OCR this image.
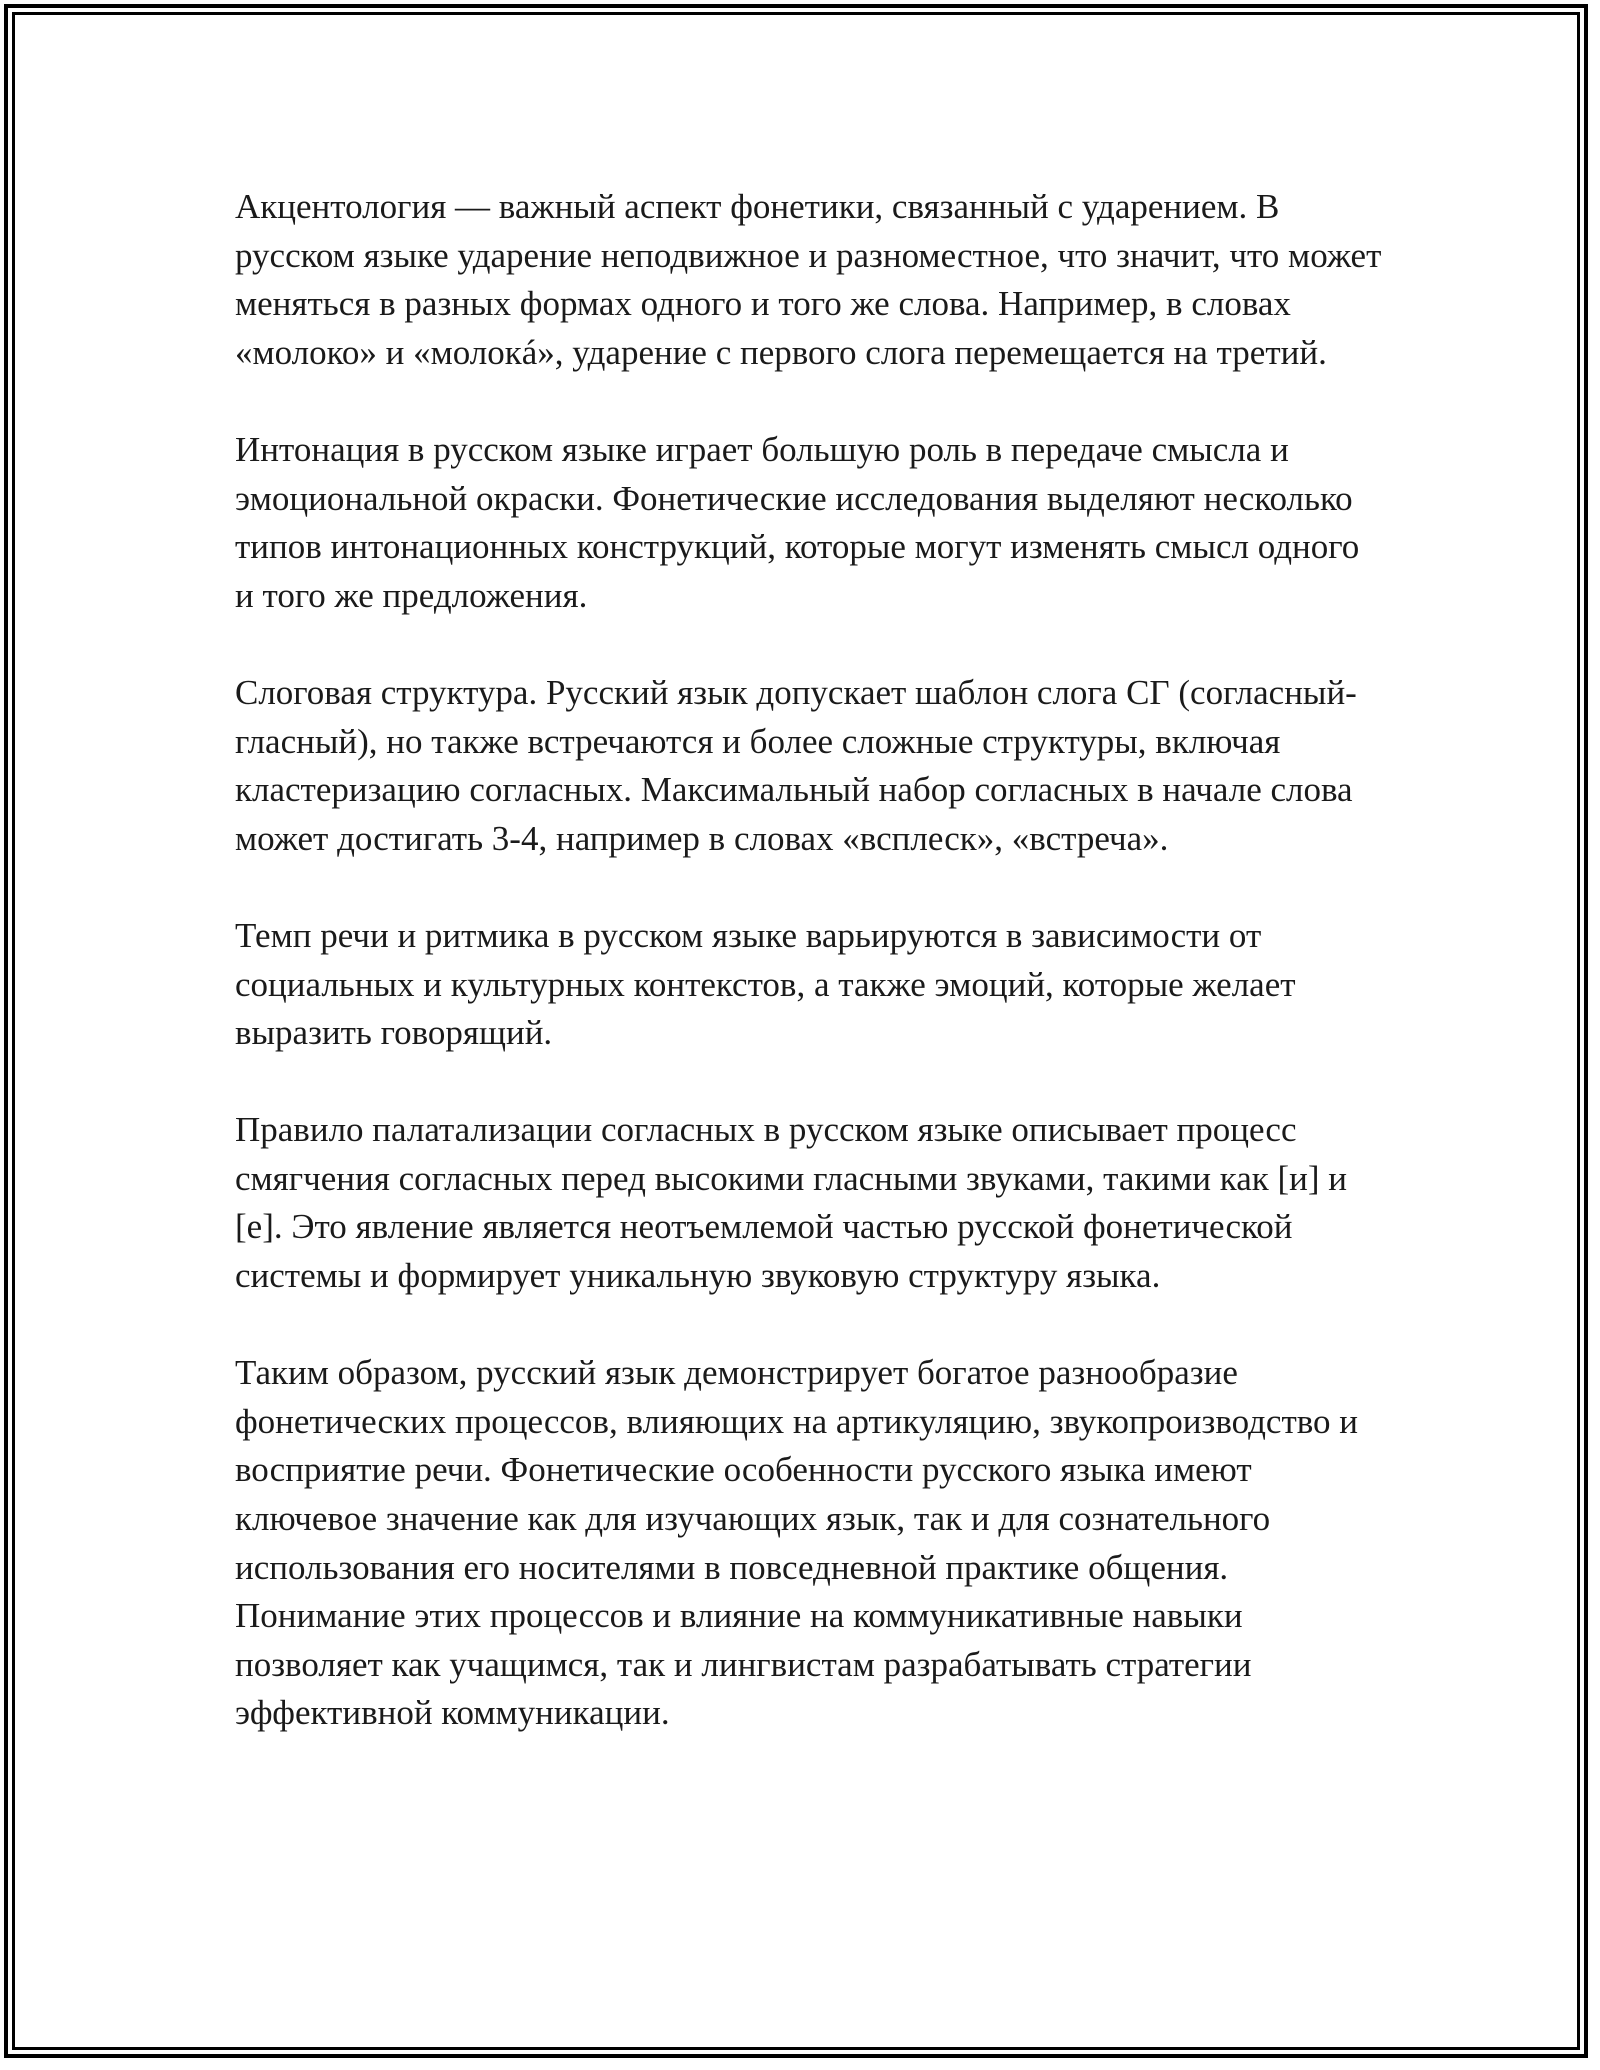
Акцентология — важный аспект фонетики, связанный с ударением. В русском языке ударение неподвижное и разноместное, что значит, что может меняться в разных формах одного и того же слова. Например, в словах «молоко» и «молокá», ударение с первого слога перемещается на третий.

Интонация в русском языке играет большую роль в передаче смысла и эмоциональной окраски. Фонетические исследования выделяют несколько типов интонационных конструкций, которые могут изменять смысл одного и того же предложения.

Слоговая структура. Русский язык допускает шаблон слога СГ (согласный-гласный), но также встречаются и более сложные структуры, включая кластеризацию согласных. Максимальный набор согласных в начале слова может достигать 3-4, например в словах «всплеск», «встреча».

Темп речи и ритмика в русском языке варьируются в зависимости от социальных и культурных контекстов, а также эмоций, которые желает выразить говорящий.

Правило палатализации согласных в русском языке описывает процесс смягчения согласных перед высокими гласными звуками, такими как [и] и [е]. Это явление является неотъемлемой частью русской фонетической системы и формирует уникальную звуковую структуру языка.

Таким образом, русский язык демонстрирует богатое разнообразие фонетических процессов, влияющих на артикуляцию, звукопроизводство и восприятие речи. Фонетические особенности русского языка имеют ключевое значение как для изучающих язык, так и для сознательного использования его носителями в повседневной практике общения. Понимание этих процессов и влияние на коммуникативные навыки позволяет как учащимся, так и лингвистам разрабатывать стратегии эффективной коммуникации.
